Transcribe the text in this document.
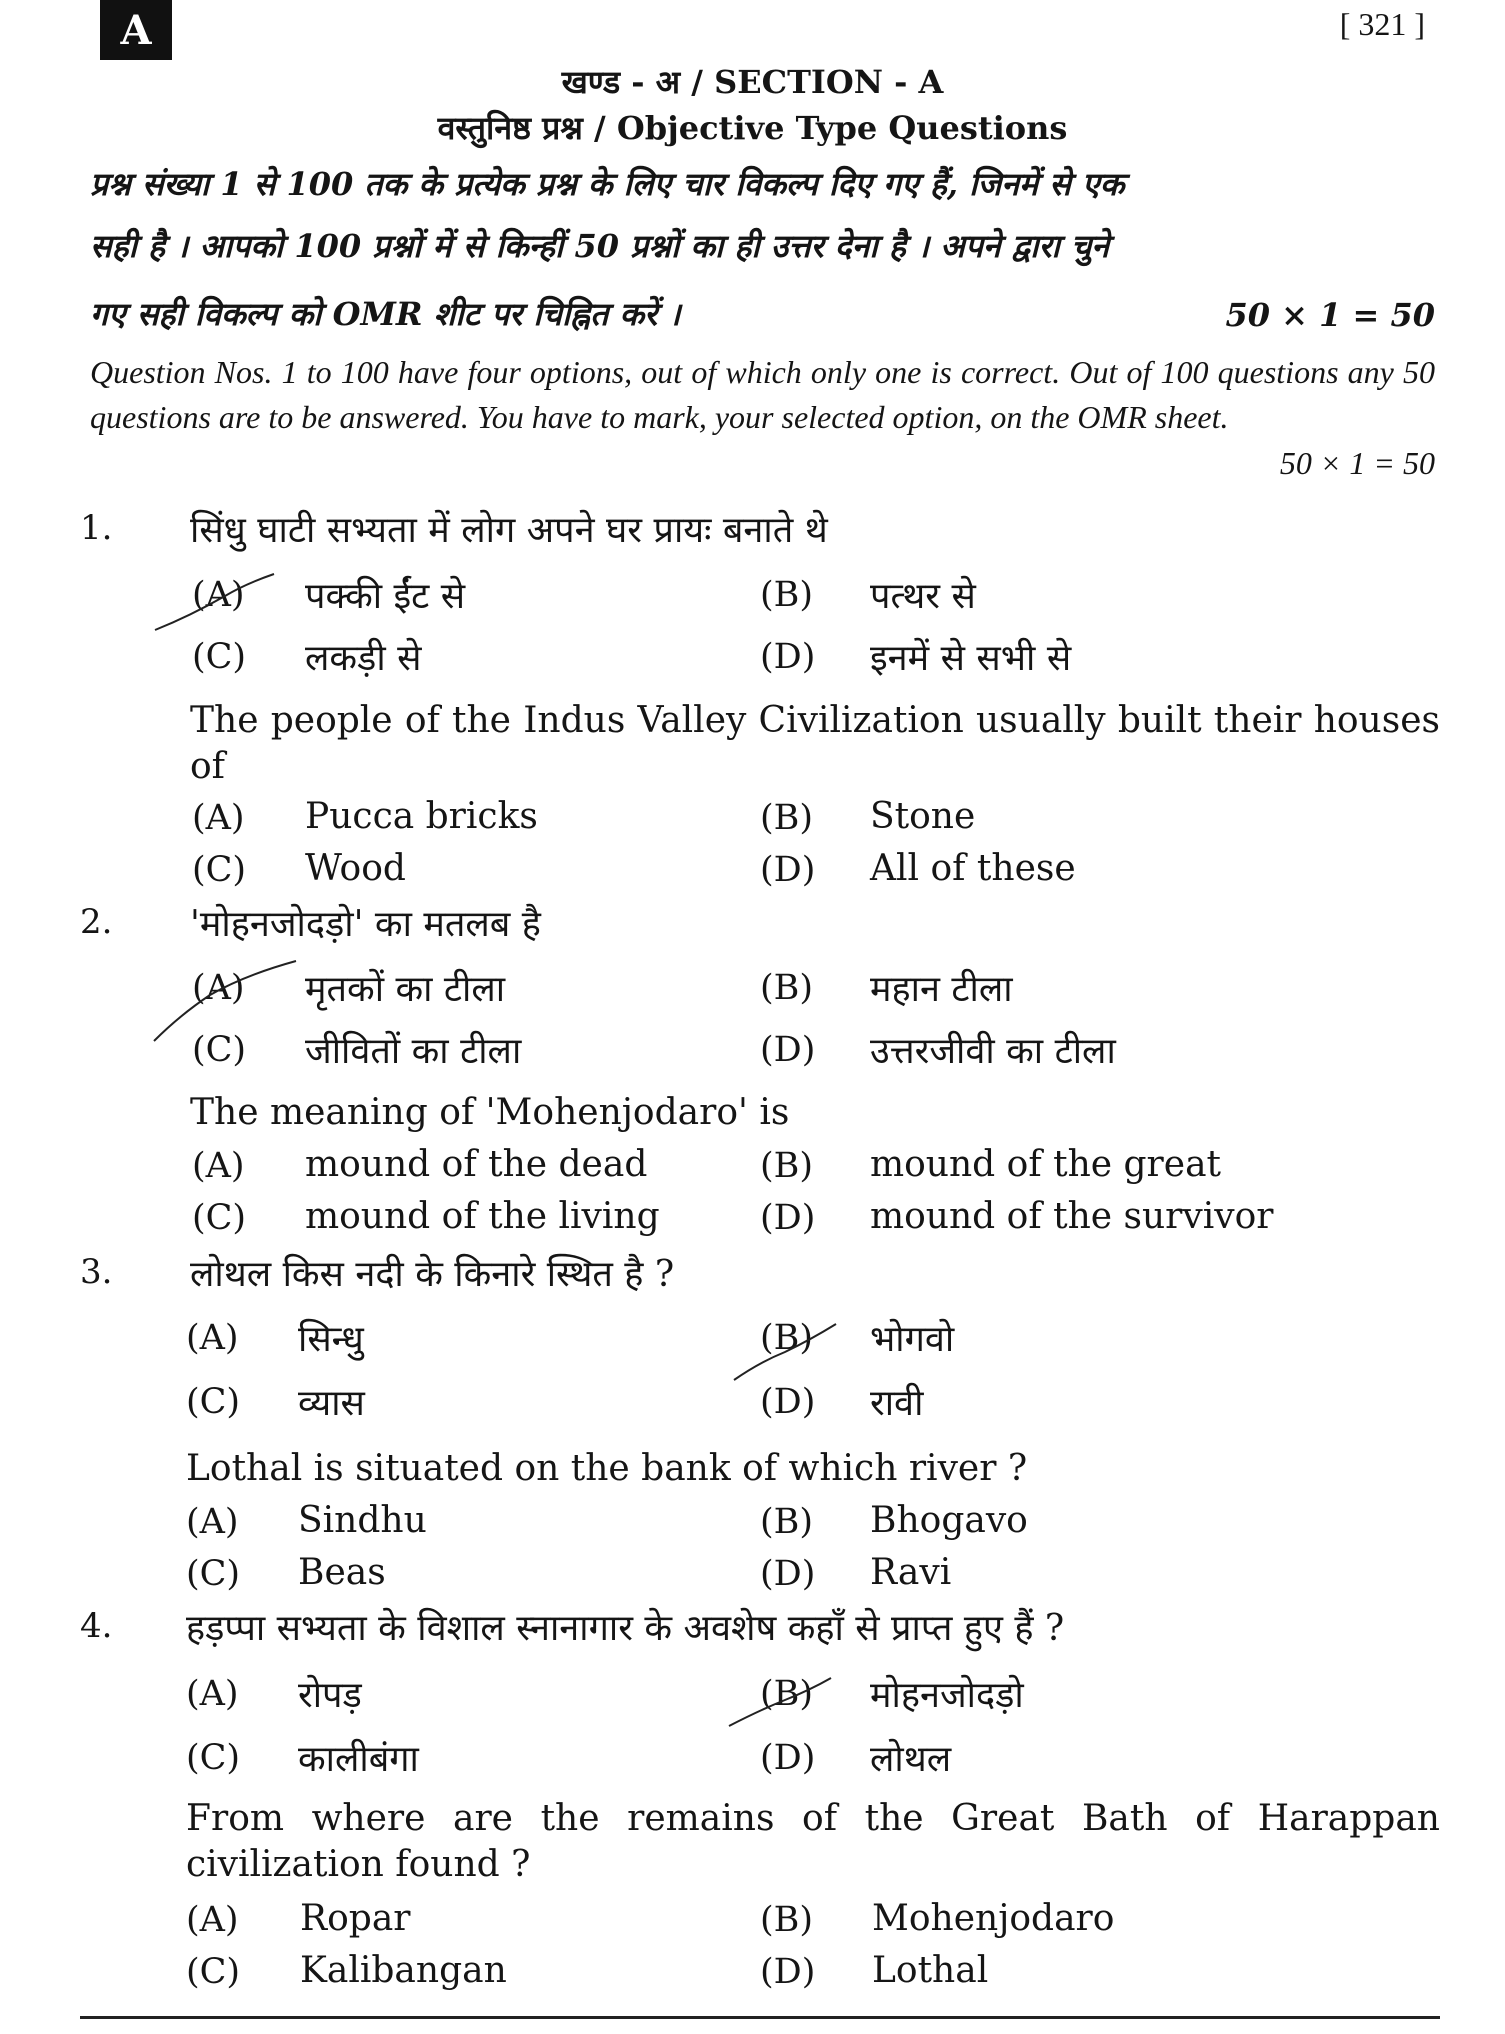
A	[ 321 ]
खण्ड - अ / SECTION - A
वस्तुनिष्ठ प्रश्न / Objective Type Questions
प्रश्न संख्या 1 से 100 तक के प्रत्येक प्रश्न के लिए चार विकल्प दिए गए हैं, जिनमें से एक
सही है । आपको 100 प्रश्नों में से किन्हीं 50 प्रश्नों का ही उत्तर देना है । अपने द्वारा चुने
गए सही विकल्प को OMR शीट पर चिह्नित करें ।	50 × 1 = 50
Question Nos. 1 to 100 have four options, out of which only one is correct. Out of 100 questions any 50 questions are to be answered. You have to mark, your selected option, on the OMR sheet.
50 × 1 = 50
1. सिंधु घाटी सभ्यता में लोग अपने घर प्रायः बनाते थे
(A) पक्की ईंट से	(B) पत्थर से
(C) लकड़ी से	(D) इनमें से सभी से
The people of the Indus Valley Civilization usually built their houses of
(A) Pucca bricks	(B) Stone
(C) Wood	(D) All of these
2. 'मोहनजोदड़ो' का मतलब है
(A) मृतकों का टीला	(B) महान टीला
(C) जीवितों का टीला	(D) उत्तरजीवी का टीला
The meaning of 'Mohenjodaro' is
(A) mound of the dead	(B) mound of the great
(C) mound of the living	(D) mound of the survivor
3. लोथल किस नदी के किनारे स्थित है ?
(A) सिन्धु	(B) भोगवो
(C) व्यास	(D) रावी
Lothal is situated on the bank of which river ?
(A) Sindhu	(B) Bhogavo
(C) Beas	(D) Ravi
4. हड़प्पा सभ्यता के विशाल स्नानागार के अवशेष कहाँ से प्राप्त हुए हैं ?
(A) रोपड़	(B) मोहनजोदड़ो
(C) कालीबंगा	(D) लोथल
From where are the remains of the Great Bath of Harappan civilization found ?
(A) Ropar	(B) Mohenjodaro
(C) Kalibangan	(D) Lothal
